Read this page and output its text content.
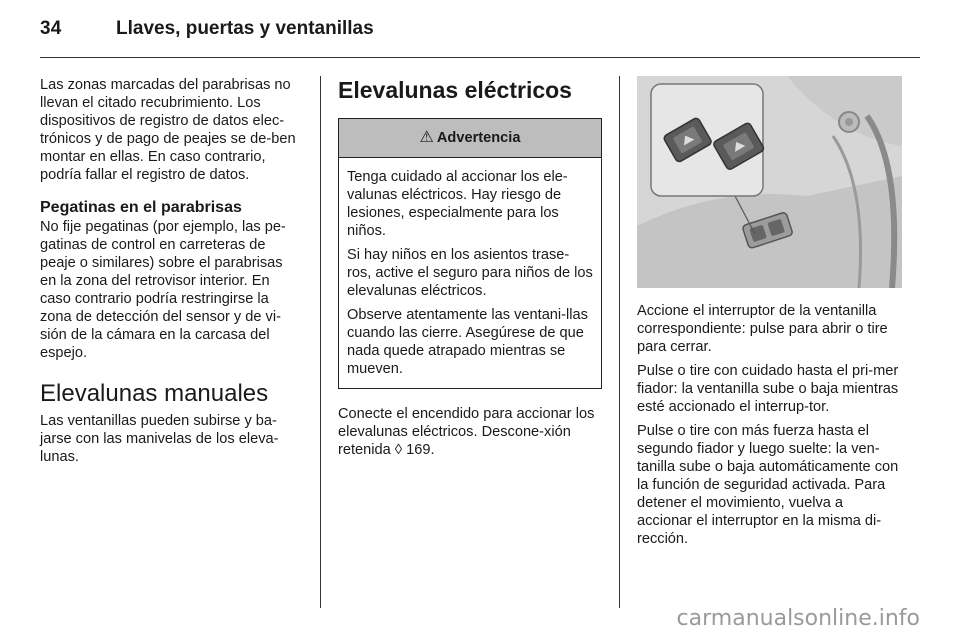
34	Llaves, puertas y ventanillas

Las zonas marcadas del parabrisas no llevan el citado recubrimiento. Los dispositivos de registro de datos elec-trónicos y de pago de peajes se de-ben montar en ellas. En caso contrario, podría fallar el registro de datos.

Pegatinas en el parabrisas

No fije pegatinas (por ejemplo, las pe-gatinas de control en carreteras de peaje o similares) sobre el parabrisas en la zona del retrovisor interior. En caso contrario podría restringirse la zona de detección del sensor y de vi-sión de la cámara en la carcasa del espejo.

Elevalunas manuales

Las ventanillas pueden subirse y ba-jarse con las manivelas de los eleva-lunas.

Elevalunas eléctricos
⚠ Advertencia

Tenga cuidado al accionar los ele-valunas eléctricos. Hay riesgo de lesiones, especialmente para los niños.

Si hay niños en los asientos trase-ros, active el seguro para niños de los elevalunas eléctricos.

Observe atentamente las ventani-llas cuando las cierre. Asegúrese de que nada quede atrapado mientras se mueven.

Conecte el encendido para accionar los elevalunas eléctricos. Descone-xión retenida ◊ 169.

Accione el interruptor de la ventanilla correspondiente: pulse para abrir o tire para cerrar.

Pulse o tire con cuidado hasta el pri-mer fiador: la ventanilla sube o baja mientras esté accionado el interrup-tor.

Pulse o tire con más fuerza hasta el segundo fiador y luego suelte: la ven-tanilla sube o baja automáticamente con la función de seguridad activada. Para detener el movimiento, vuelva a accionar el interruptor en la misma di-rección.

carmanualsonline.info
